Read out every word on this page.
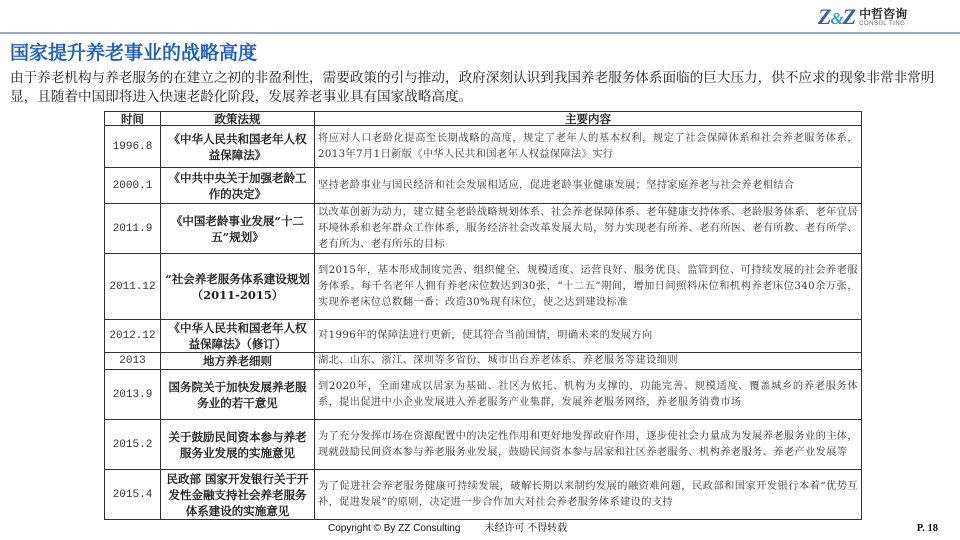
Z&Z 中哲咨询
CONSUL TING
国家提升养老事业的战略高度
由于养老机构与养老服务的在建立之初的非盈利性，需要政策的引与推动，政府深刻认识到我国养老服务体系面临的巨大压力，供不应求的现象非常非常明显，且随着中国即将进入快速老龄化阶段，发展养老事业具有国家战略高度。
时间	政策法规	主要内容
1996.8	《中华人民共和国老年人权益保障法》	将应对人口老龄化提高至长期战略的高度，规定了老年人的基本权利，规定了社会保障体系和社会养老服务体系，2013年7月1日新版《中华人民共和国老年人权益保障法》实行
2000.1	《中共中央关于加强老龄工作的决定》	坚持老龄事业与国民经济和社会发展相适应，促进老龄事业健康发展；坚持家庭养老与社会养老相结合
2011.9	《中国老龄事业发展“十二五”规划》	以改革创新为动力，建立健全老龄战略规划体系、社会养老保障体系、老年健康支持体系、老龄服务体系、老年宜居环境体系和老年群众工作体系，服务经济社会改革发展大局，努力实现老有所养、老有所医、老有所教、老有所学、老有所为、老有所乐的目标
2011.12	“社会养老服务体系建设规划（2011-2015）	到2015年，基本形成制度完善、组织健全、规模适度、运营良好、服务优良、监管到位、可持续发展的社会养老服务体系。每千名老年人拥有养老床位数达到30张，“十二五”期间，增加日间照料床位和机构养老床位340余万张，实现养老床位总数翻一番；改造30%现有床位，使之达到建设标准
2012.12	《中华人民共和国老年人权益保障法》（修订）	对1996年的保障法进行更新，使其符合当前国情，明确未来的发展方向
2013	地方养老细则	湖北、山东、浙江、深圳等多省份、城市出台养老体系、养老服务等建设细则
2013.9	国务院关于加快发展养老服务业的若干意见	到2020年，全面建成以居家为基础、社区为依托、机构为支撑的，功能完善、规模适度、覆盖城乡的养老服务体系，提出促进中小企业发展进入养老服务产业集群，发展养老服务网络，养老服务消费市场
2015.2	关于鼓励民间资本参与养老服务业发展的实施意见	为了充分发挥市场在资源配置中的决定性作用和更好地发挥政府作用，逐步使社会力量成为发展养老服务业的主体，现就鼓励民间资本参与养老服务业发展，鼓励民间资本参与居家和社区养老服务、机构养老服务、养老产业发展等
2015.4	民政部 国家开发银行关于开发性金融支持社会养老服务体系建设的实施意见	为了促进社会养老服务健康可持续发展，破解长期以来制约发展的融资难问题，民政部和国家开发银行本着“优势互补，促进发展”的原则，决定进一步合作加大对社会养老服务体系建设的支持
Copyright © By ZZ Consulting 未经许可 不得转载	P. 18
